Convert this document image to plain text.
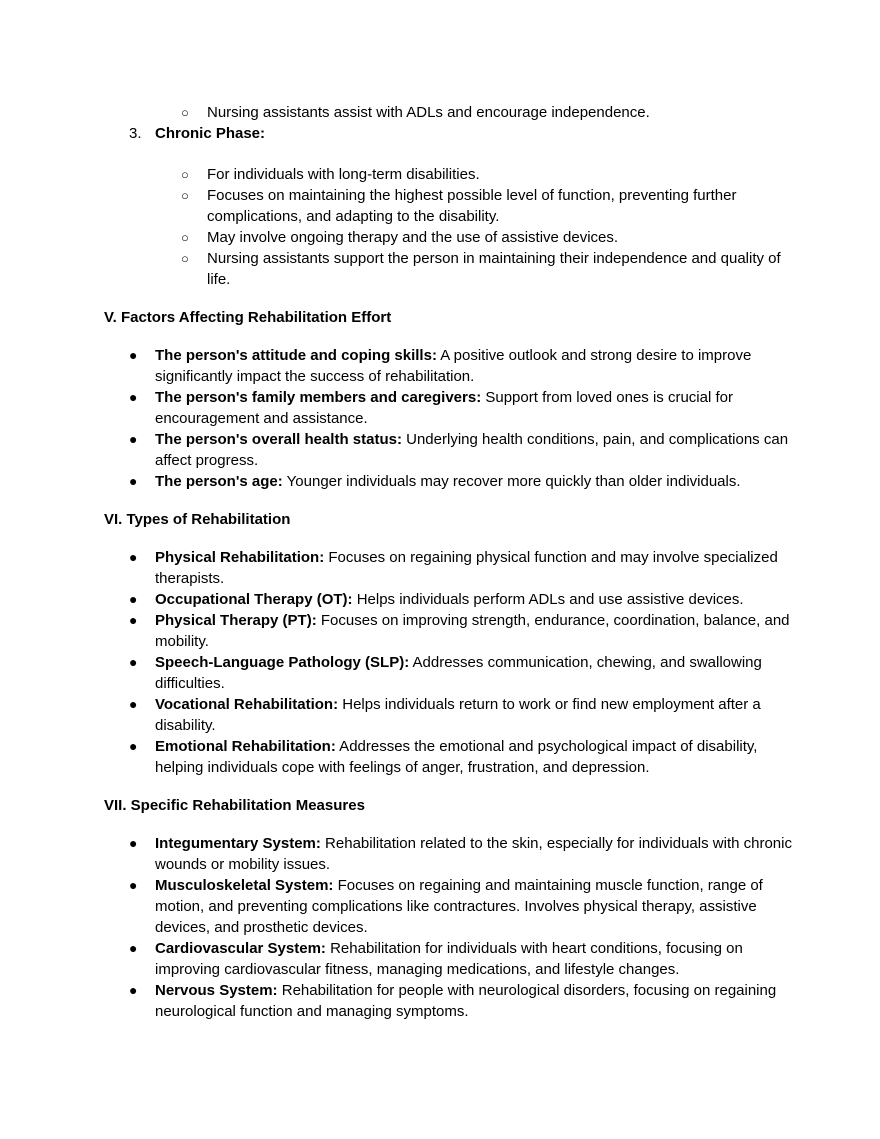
○ Nursing assistants assist with ADLs and encourage independence.
3. Chronic Phase:
○ For individuals with long-term disabilities.
○ Focuses on maintaining the highest possible level of function, preventing further complications, and adapting to the disability.
○ May involve ongoing therapy and the use of assistive devices.
○ Nursing assistants support the person in maintaining their independence and quality of life.
V. Factors Affecting Rehabilitation Effort
● The person's attitude and coping skills: A positive outlook and strong desire to improve significantly impact the success of rehabilitation.
● The person's family members and caregivers: Support from loved ones is crucial for encouragement and assistance.
● The person's overall health status: Underlying health conditions, pain, and complications can affect progress.
● The person's age: Younger individuals may recover more quickly than older individuals.
VI. Types of Rehabilitation
● Physical Rehabilitation: Focuses on regaining physical function and may involve specialized therapists.
● Occupational Therapy (OT): Helps individuals perform ADLs and use assistive devices.
● Physical Therapy (PT): Focuses on improving strength, endurance, coordination, balance, and mobility.
● Speech-Language Pathology (SLP): Addresses communication, chewing, and swallowing difficulties.
● Vocational Rehabilitation: Helps individuals return to work or find new employment after a disability.
● Emotional Rehabilitation: Addresses the emotional and psychological impact of disability, helping individuals cope with feelings of anger, frustration, and depression.
VII. Specific Rehabilitation Measures
● Integumentary System: Rehabilitation related to the skin, especially for individuals with chronic wounds or mobility issues.
● Musculoskeletal System: Focuses on regaining and maintaining muscle function, range of motion, and preventing complications like contractures. Involves physical therapy, assistive devices, and prosthetic devices.
● Cardiovascular System: Rehabilitation for individuals with heart conditions, focusing on improving cardiovascular fitness, managing medications, and lifestyle changes.
● Nervous System: Rehabilitation for people with neurological disorders, focusing on regaining neurological function and managing symptoms.
